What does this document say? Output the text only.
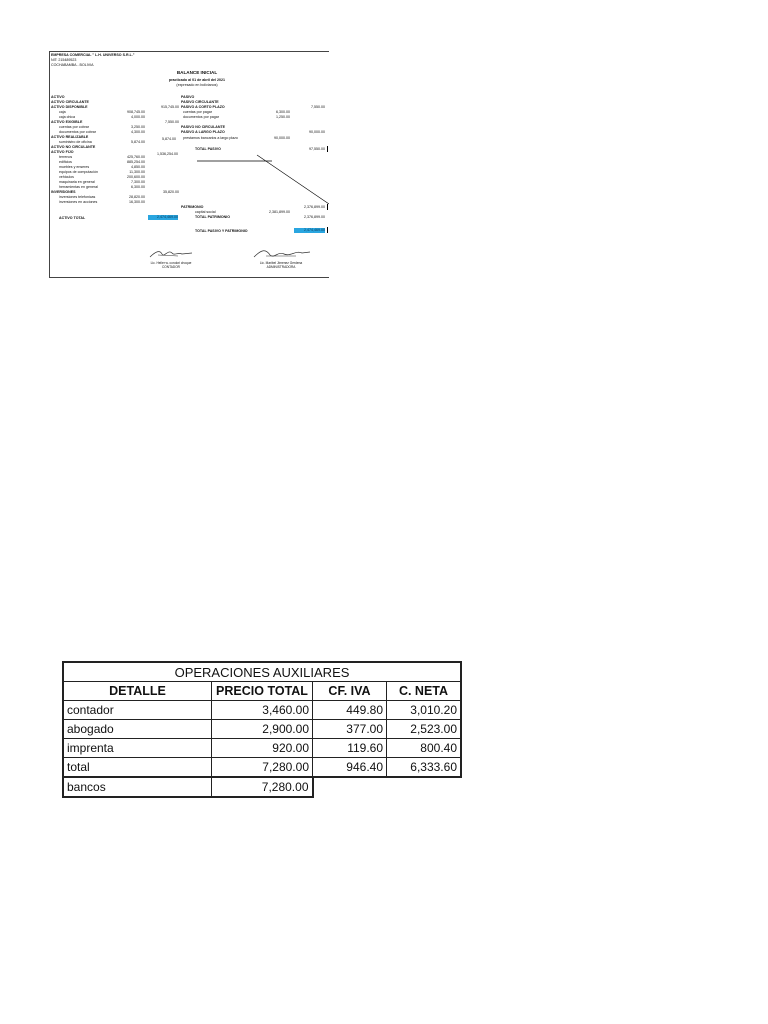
EMPRESA COMERCIAL " L.H. UNIVERSO S.R.L."
NIT: 215489523
COCHABAMBA - BOLIVIA
BALANCE INICIAL
practicado al 01 de abril del 2021
(expresado en bolivianos)
ACTIVO
ACTIVO CIRCULANTE
ACTIVO DISPONIBLE	915,745.00
caja	908,745.00
caja chica	4,000.00
ACTIVO EXIGIBLE	7,550.00
cuentas por cobrar	3,250.00
documentos por cobrar	4,300.00
ACTIVO REALIZABLE	5,874.00
suministro de oficina	5,874.00
ACTIVO NO CIRCULANTE
ACTIVO FIJO	1,536,254.00
terrenos	425,760.00
edificios	885,254.00
muebles y enseres	4,850.00
equipos de computación	11,300.00
vehiculos	200,600.00
maquinaria en general	7,300.00
herramientas en general	6,300.00
INVERSIONES	35,820.00
inversiones telefonicas	28,820.00
inversiones en acciones	16,300.00
ACTIVO TOTAL	2,474,469.00
PASIVO
PASIVO CIRCULANTE
PASIVO A CORTO PLAZO	7,550.00
cuentas por pagar	6,300.00
documentos por pagar	1,250.00
PASIVO NO CIRCULANTE
PASIVO A LARGO PLAZO	90,000.00
prestamos bancarios a largo plazo	90,000.00
TOTAL PASIVO	97,550.00
PATRIMONIO	2,376,899.00
capital social	2,381,899.00
TOTAL PATRIMONIO	2,376,899.00
TOTAL PASIVO Y PATRIMONIO	2,474,469.00
Lic. Heiler w. condori choque
CONTADOR
Lic. Maribel Jimenez Gerdena
ADMINISTRADORA
OPERACIONES AUXILIARES			
DETALLE	PRECIO TOTAL	CF. IVA	C. NETA
contador	3,460.00	449.80	3,010.20
abogado	2,900.00	377.00	2,523.00
imprenta	920.00	119.60	800.40
total	7,280.00	946.40	6,333.60
bancos	7,280.00		
